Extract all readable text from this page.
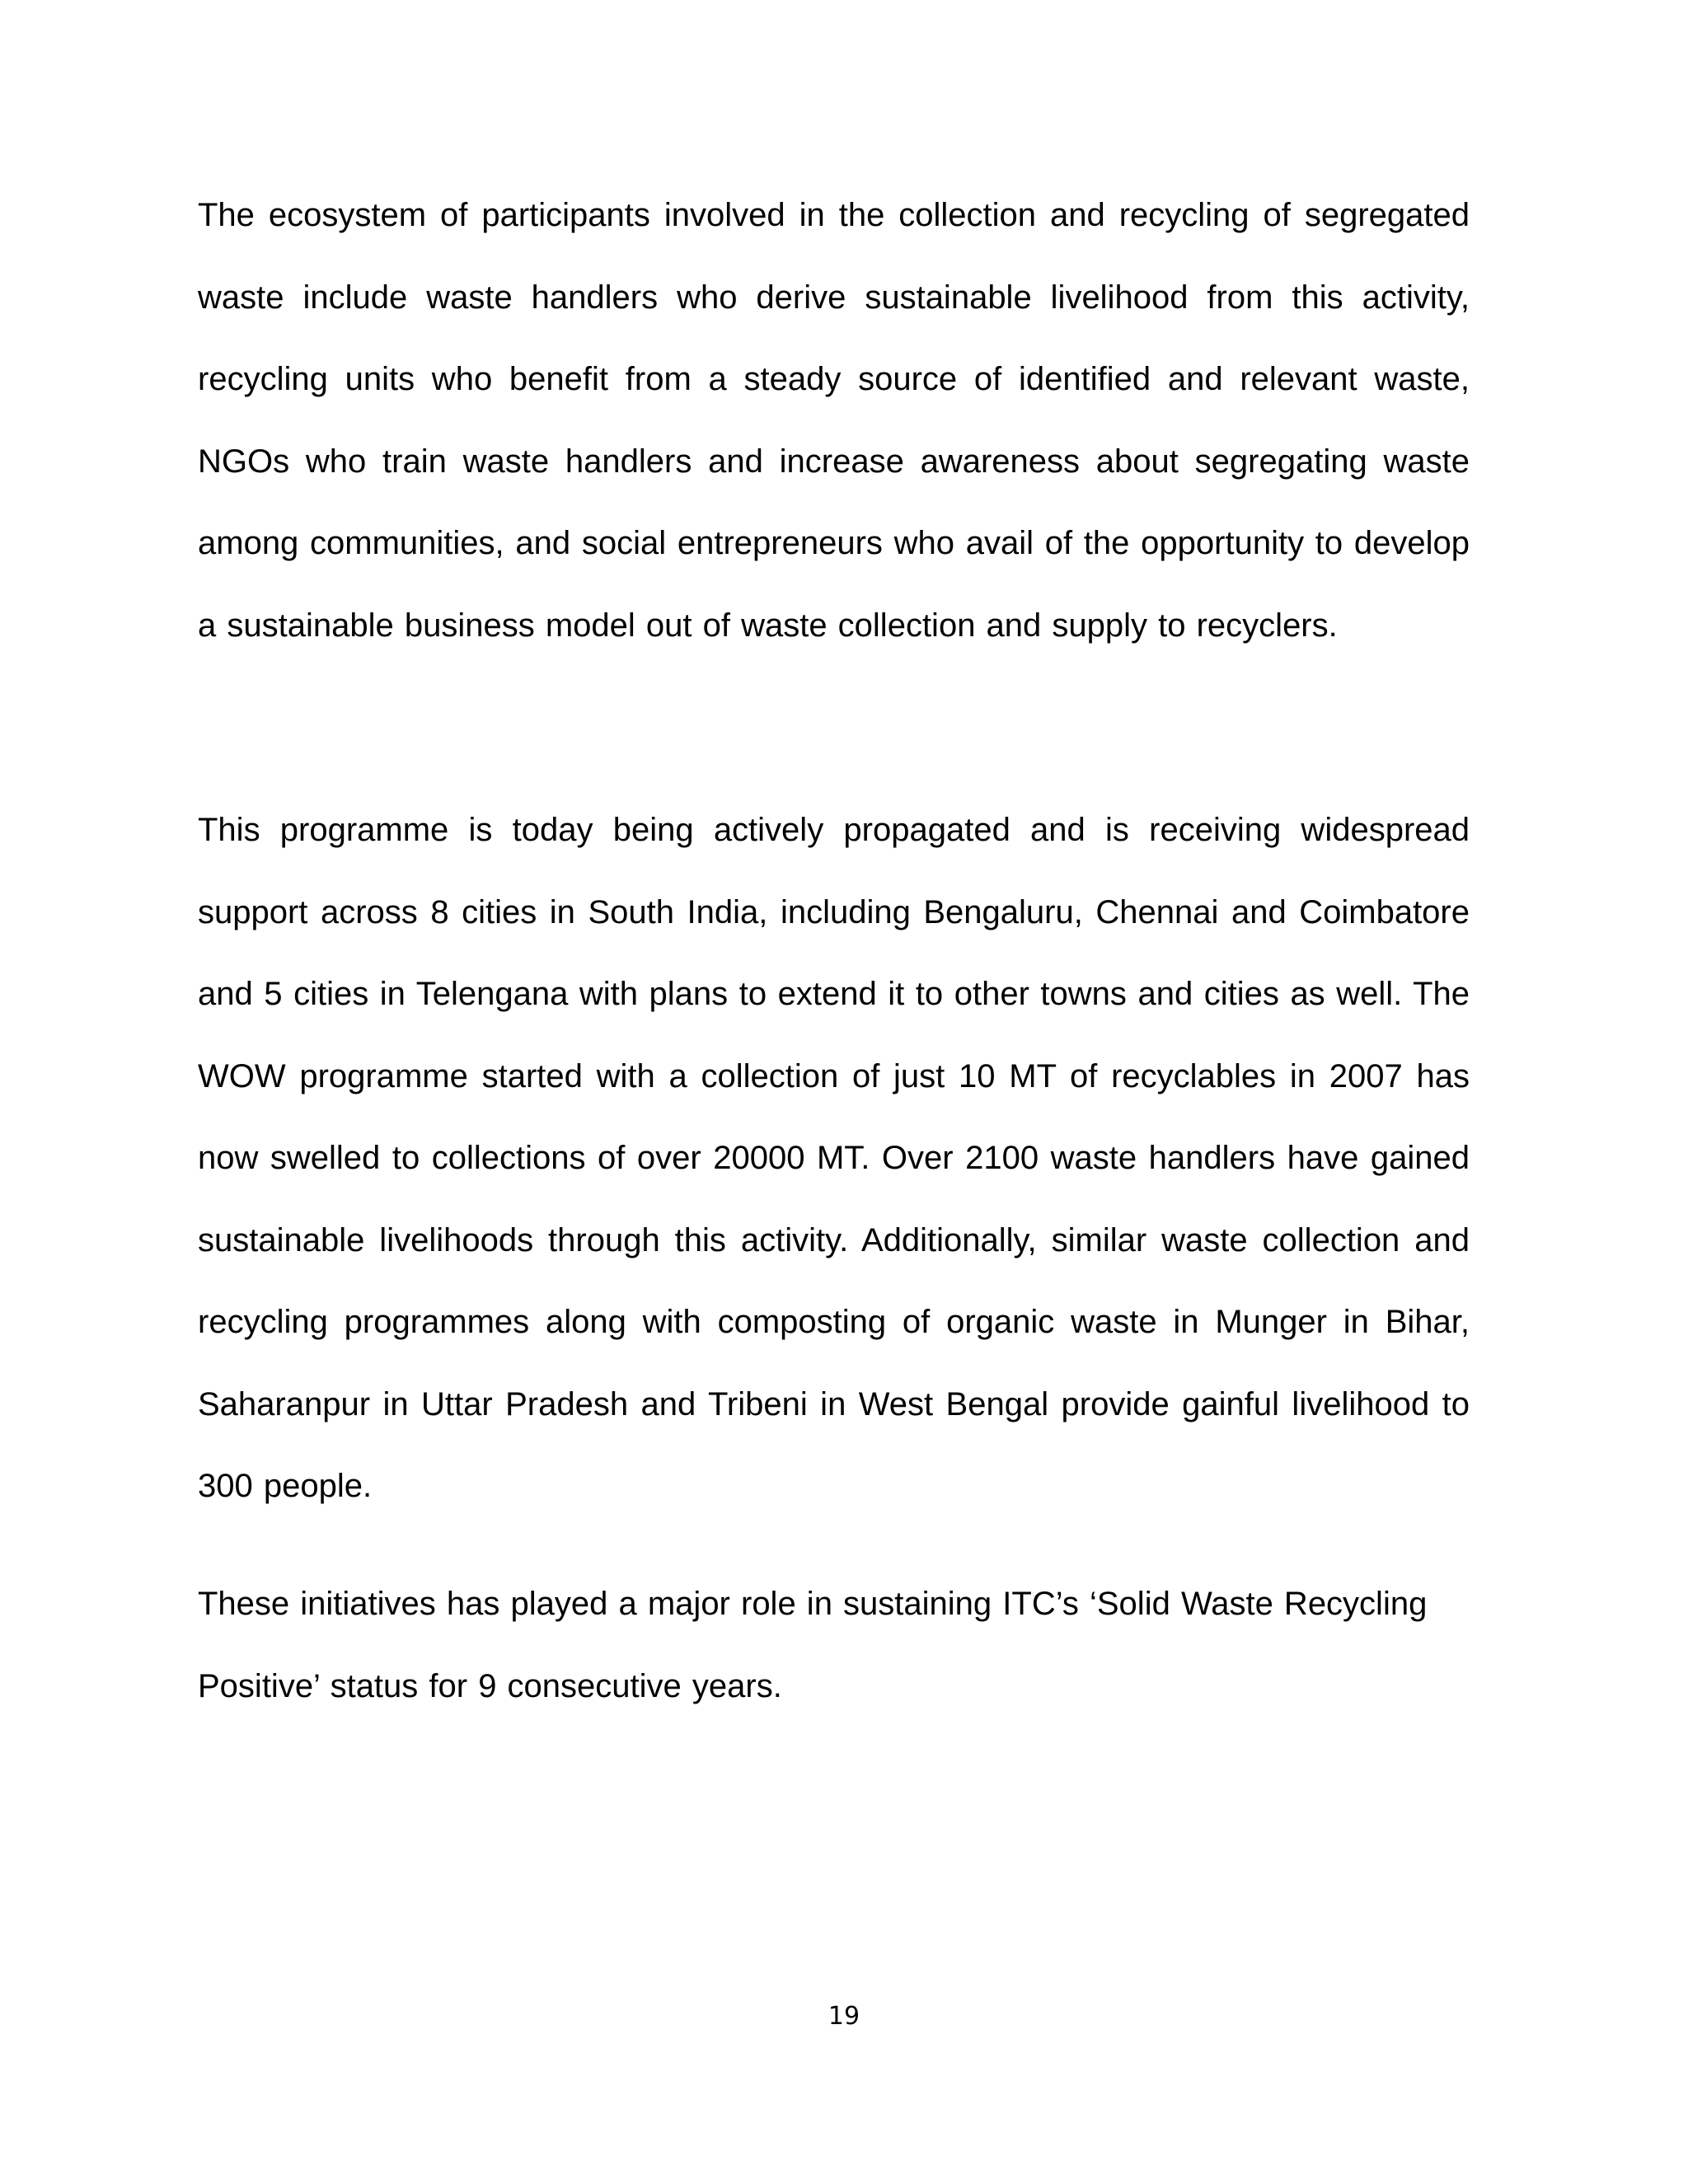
The ecosystem of participants involved in the collection and recycling of segregated waste include waste handlers who derive sustainable livelihood from this activity, recycling units who benefit from a steady source of identified and relevant waste, NGOs who train waste handlers and increase awareness about segregating waste among communities, and social entrepreneurs who avail of the opportunity to develop a sustainable business model out of waste collection and supply to recyclers.

This programme is today being actively propagated and is receiving widespread support across 8 cities in South India, including Bengaluru, Chennai and Coimbatore and 5 cities in Telengana with plans to extend it to other towns and cities as well. The WOW programme started with a collection of just 10 MT of recyclables in 2007 has now swelled to collections of over 20000 MT. Over 2100 waste handlers have gained sustainable livelihoods through this activity. Additionally, similar waste collection and recycling programmes along with composting of organic waste in Munger in Bihar, Saharanpur in Uttar Pradesh and Tribeni in West Bengal provide gainful livelihood to 300 people.

These initiatives has played a major role in sustaining ITC’s ‘Solid Waste Recycling Positive’ status for 9 consecutive years.

19
